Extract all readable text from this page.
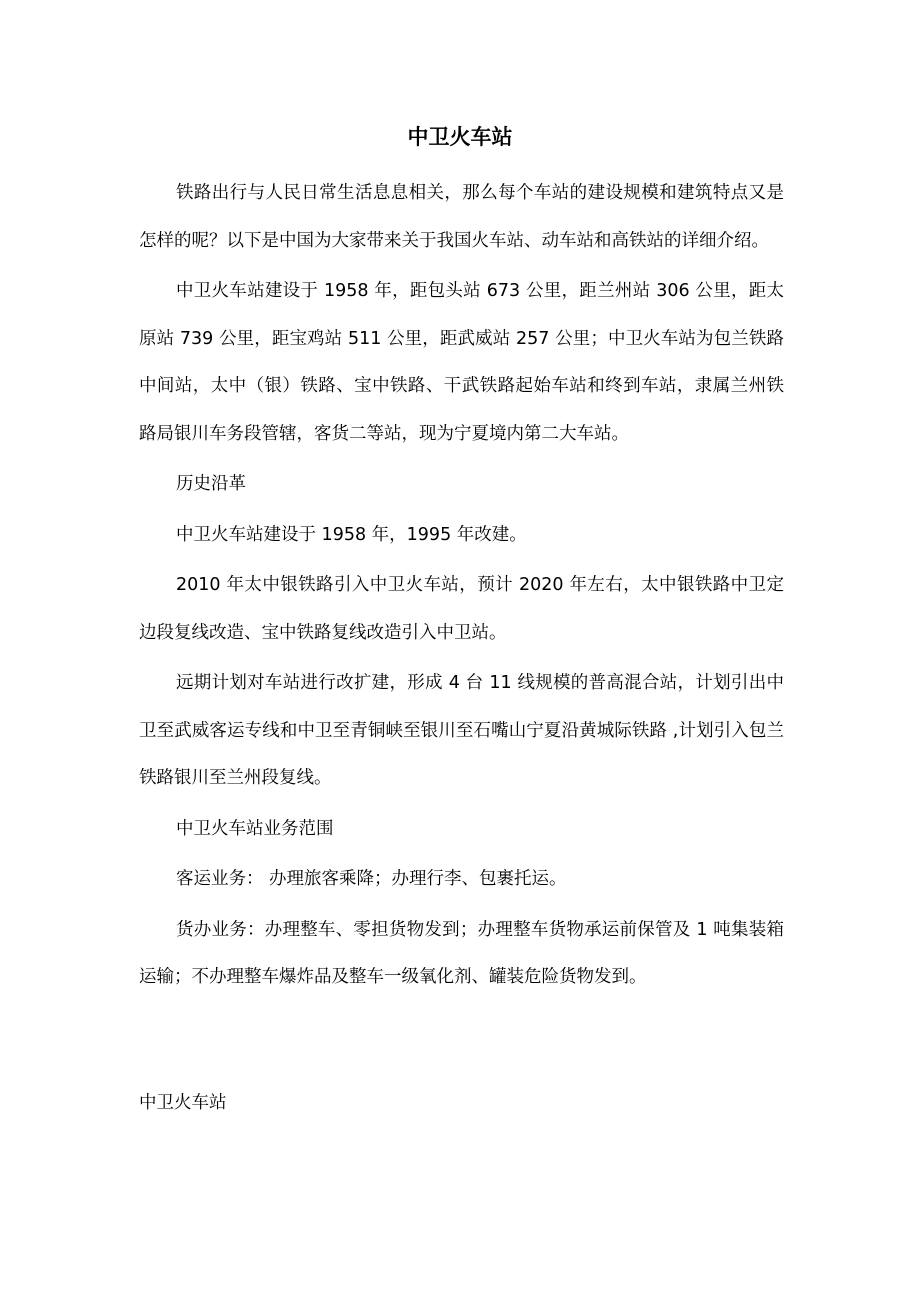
中卫火车站

铁路出行与人民日常生活息息相关，那么每个车站的建设规模和建筑特点又是怎样的呢？以下是中国为大家带来关于我国火车站、动车站和高铁站的详细介绍。

中卫火车站建设于 1958 年，距包头站 673 公里，距兰州站 306 公里，距太原站 739 公里，距宝鸡站 511 公里，距武威站 257 公里；中卫火车站为包兰铁路中间站，太中（银）铁路、宝中铁路、干武铁路起始车站和终到车站，隶属兰州铁路局银川车务段管辖，客货二等站，现为宁夏境内第二大车站。

历史沿革

中卫火车站建设于 1958 年，1995 年改建。

2010 年太中银铁路引入中卫火车站，预计 2020 年左右，太中银铁路中卫定边段复线改造、宝中铁路复线改造引入中卫站。

远期计划对车站进行改扩建，形成 4 台 11 线规模的普高混合站，计划引出中卫至武威客运专线和中卫至青铜峡至银川至石嘴山宁夏沿黄城际铁路 ,计划引入包兰铁路银川至兰州段复线。

中卫火车站业务范围

客运业务： 办理旅客乘降；办理行李、包裹托运。

货办业务：办理整车、零担货物发到；办理整车货物承运前保管及 1 吨集装箱运输；不办理整车爆炸品及整车一级氧化剂、罐装危险货物发到。

中卫火车站
